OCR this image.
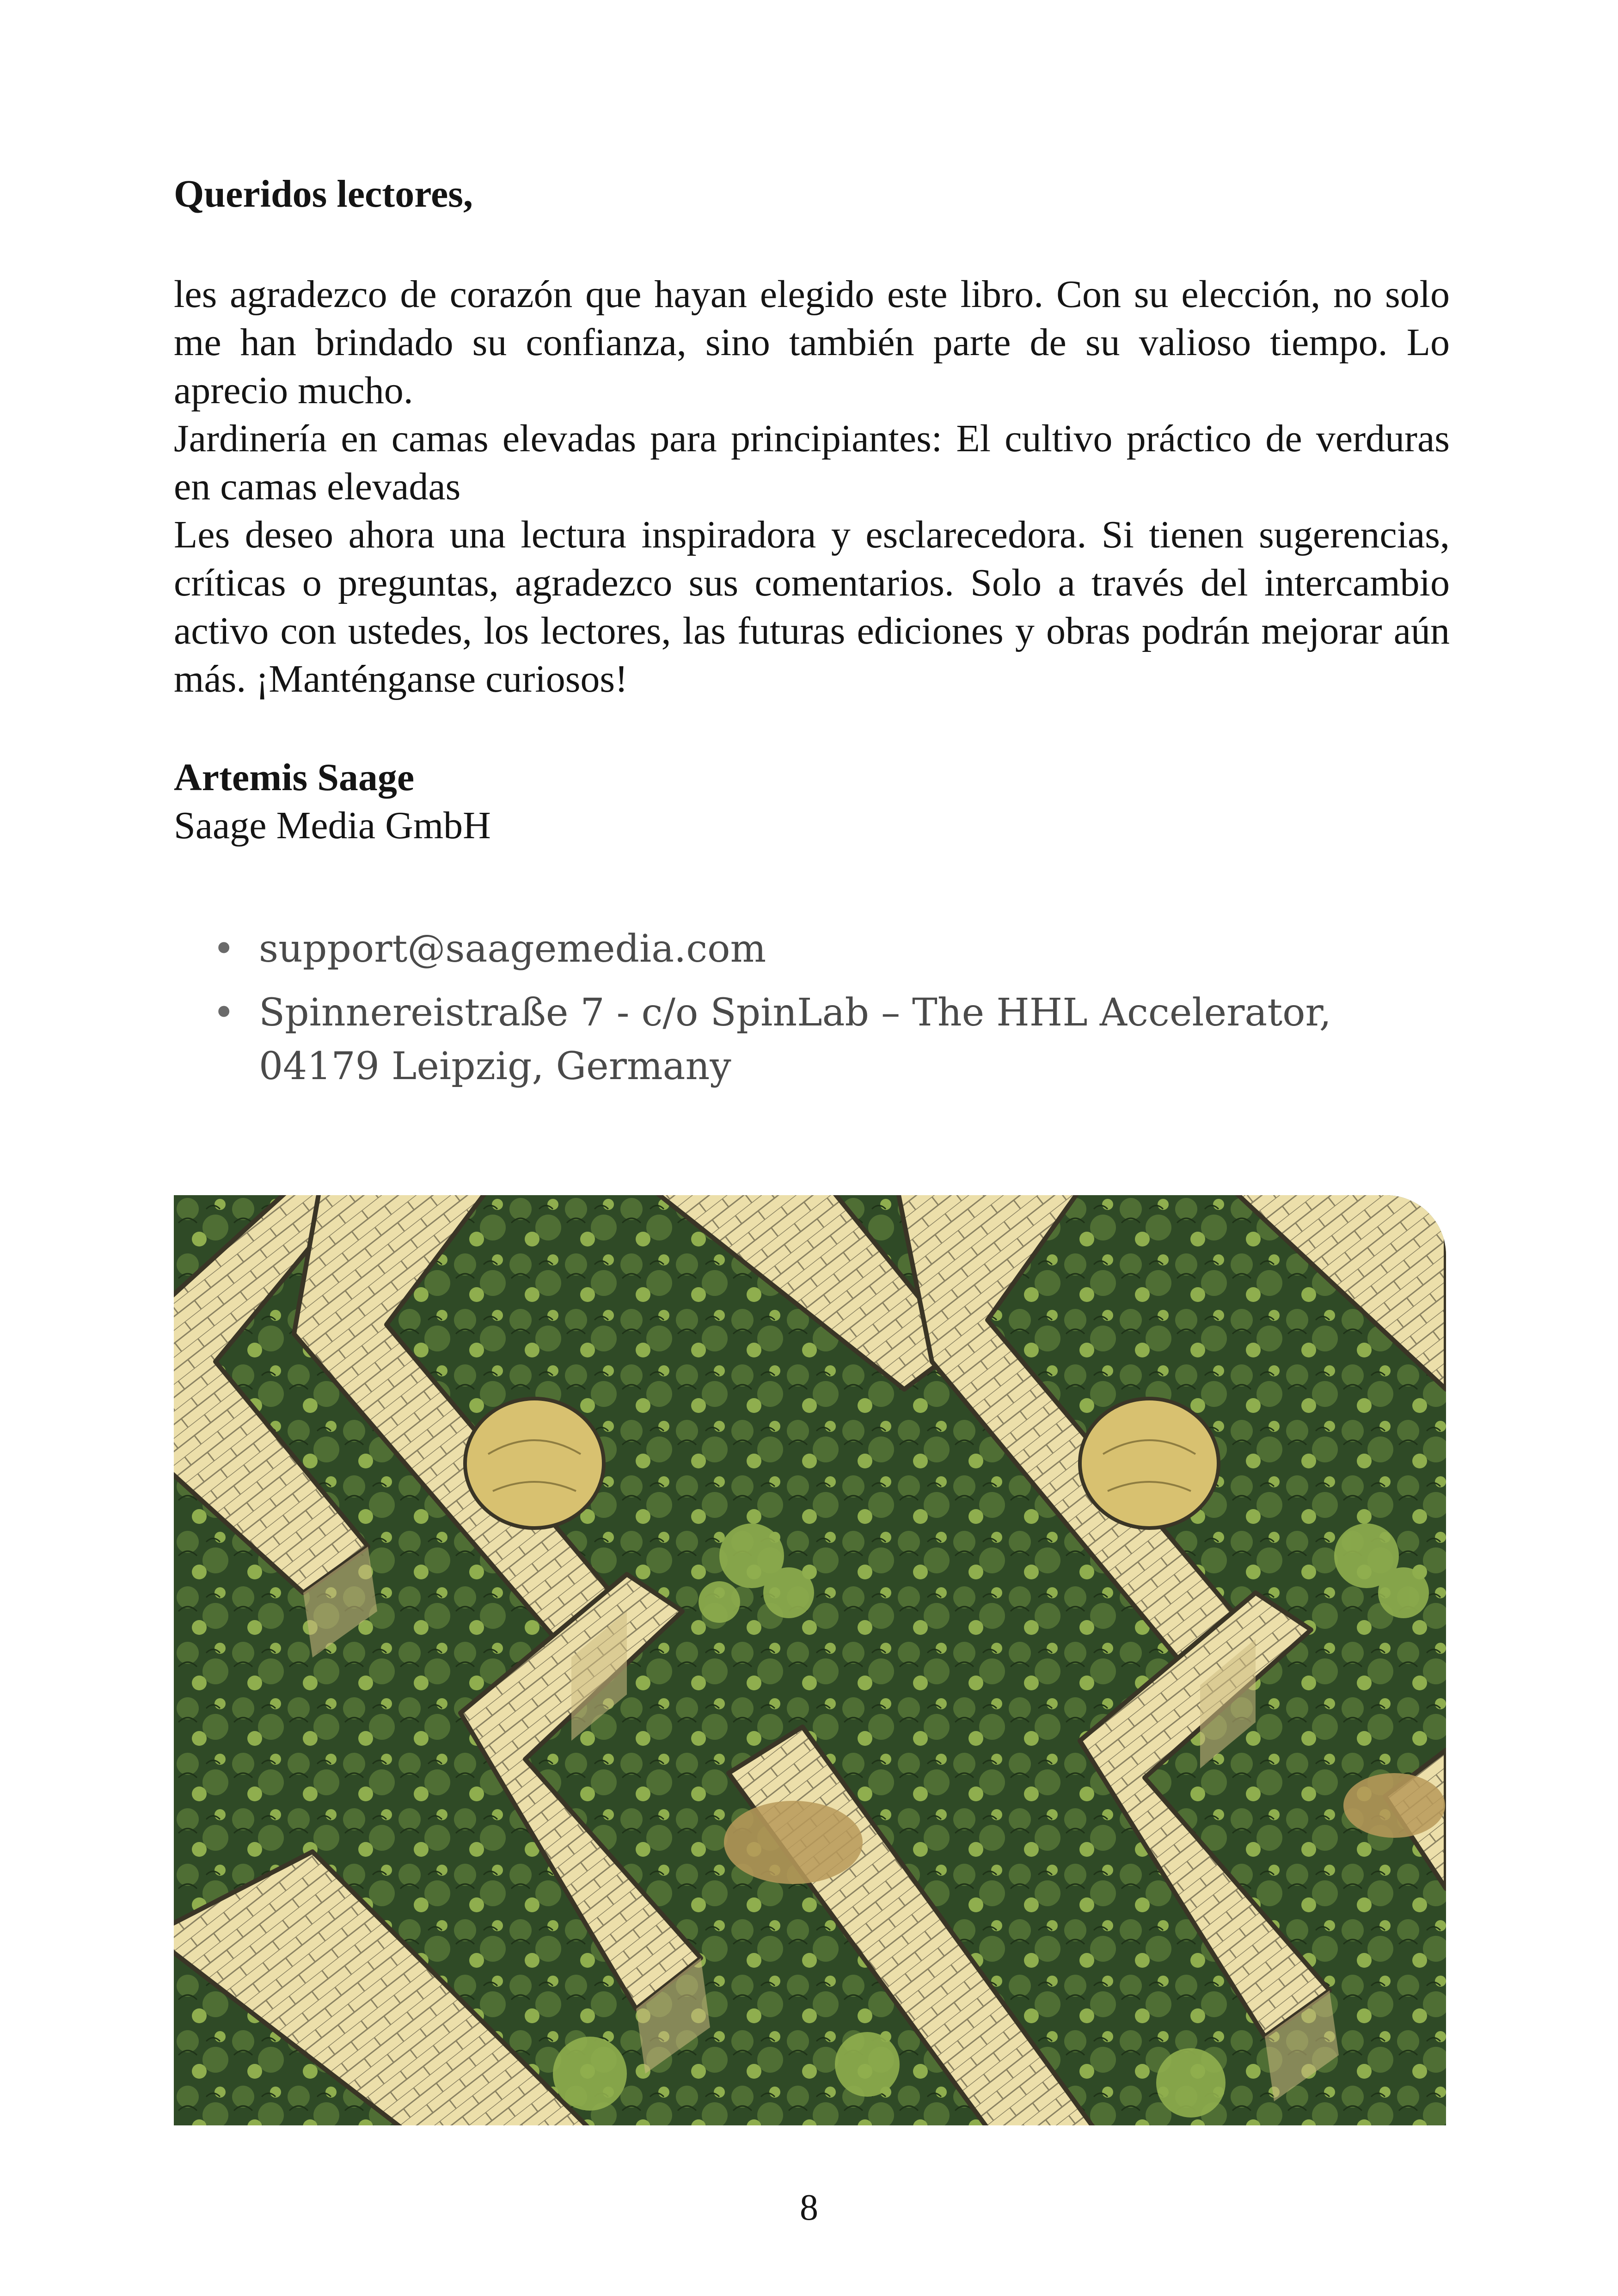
Queridos lectores,

les agradezco de corazón que hayan elegido este libro. Con su elección, no solo me han brindado su confianza, sino también parte de su valioso tiempo. Lo aprecio mucho.

Jardinería en camas elevadas para principiantes: El cultivo práctico de verduras en camas elevadas

Les deseo ahora una lectura inspiradora y esclarecedora. Si tienen sugerencias, críticas o preguntas, agradezco sus comentarios. Solo a través del intercambio activo con ustedes, los lectores, las futuras ediciones y obras podrán mejorar aún más. ¡Manténganse curiosos!

Artemis Saage
Saage Media GmbH
• support@saagemedia.com
• Spinnereistraße 7 - c/o SpinLab – The HHL Accelerator,
04179 Leipzig, Germany
8
